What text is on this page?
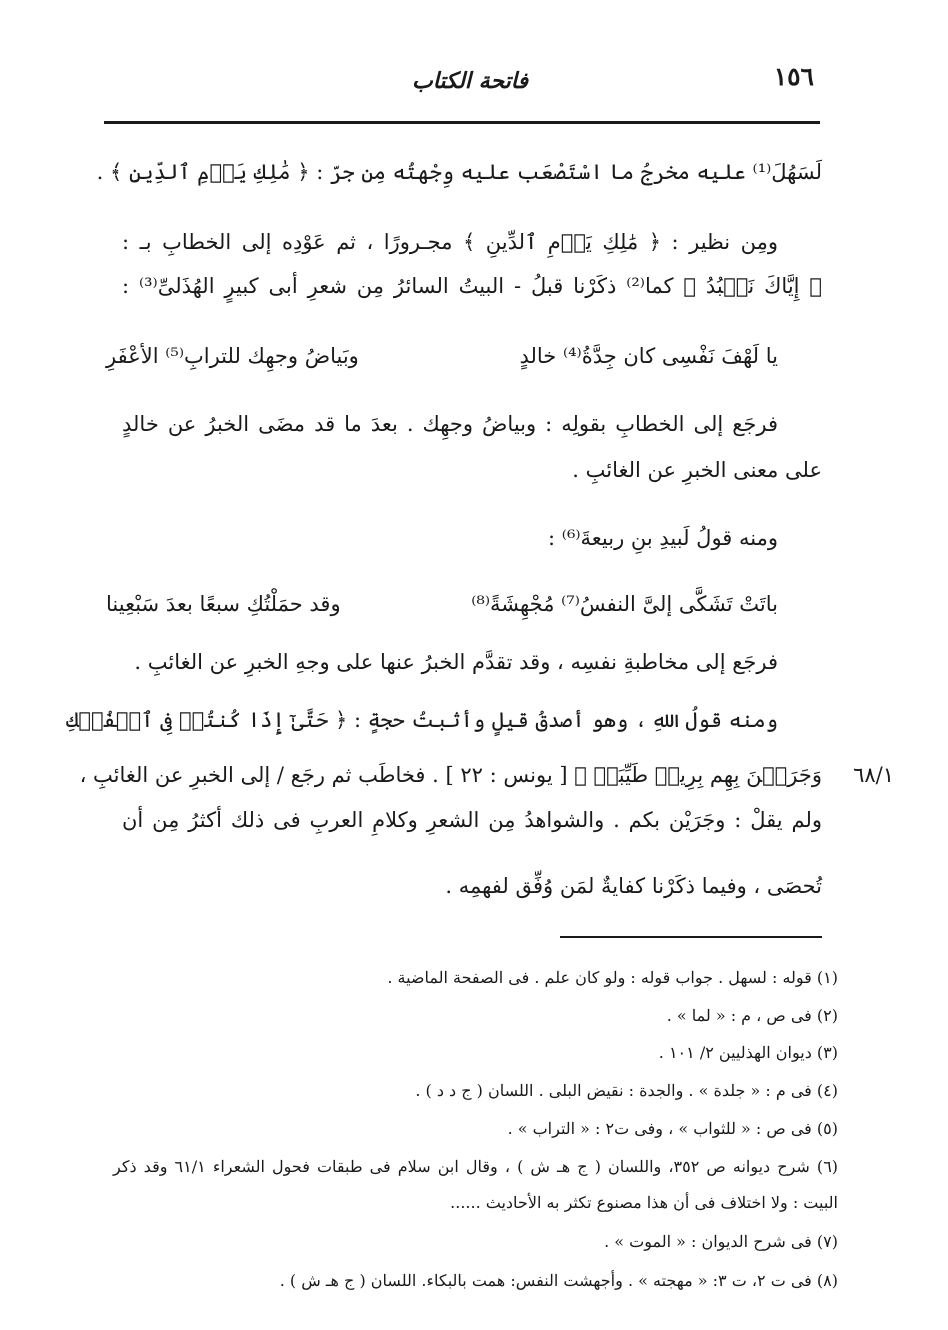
١٥٦
فاتحة الكتاب
لَسَهُلَ⁽¹⁾ عليه مخرجُ ما اسْتَصْعَب عليه وِجْهتُه مِن جرّ : ﴿ مَٰلِكِ يَوۡمِ ٱلدِّينِ ﴾ .
ومِن نظير : ﴿ مَٰلِكِ يَوۡمِ ٱلدِّينِ ﴾ مجـرورًا ، ثم عَوْدِه إلى الخطابِ بـ :
﴿ إِيَّاكَ نَعۡبُدُ ﴾ كما⁽²⁾ ذكَرْنا قبلُ - البيتُ السائرُ مِن شعرِ أبى كبيرٍ الهُذَلىِّ⁽³⁾ :
يا لَهْفَ نَفْسِى كان جِدَّةُ⁽⁴⁾ خالدٍ
وبَياضُ وجهِك للترابِ⁽⁵⁾ الأعْفَرِ
فرجَع إلى الخطابِ بقولِه : وبياضُ وجهِك . بعدَ ما قد مضَى الخبرُ عن خالدٍ
على معنى الخبرِ عن الغائبِ .
ومنه قولُ لَبيدِ بنِ ربيعةَ⁽⁶⁾ :
باتَتْ تَشَكَّى إلىَّ النفسُ⁽⁷⁾ مُجْهِشَةً⁽⁸⁾
وقد حمَلْتُكِ سبعًا بعدَ سَبْعِينا
فرجَع إلى مخاطبةِ نفسِه ، وقد تقدَّم الخبرُ عنها على وجهِ الخبرِ عن الغائبِ .
ومنه قولُ اللهِ ، وهو أصدقُ قيلٍ وأثبتُ حجةٍ : ﴿ حَتَّىٰٓ إِذَا كُنتُمۡ فِى ٱلۡفُلۡكِ
٦٨/١
وَجَرَيۡنَ بِهِم بِرِيحٖ طَيِّبَةٖ ﴾ [ يونس : ٢٢ ] . فخاطَب ثم رجَع / إلى الخبرِ عن الغائبِ ،
ولم يقلْ : وجَرَيْن بكم . والشواهدُ مِن الشعرِ وكلامِ العربِ فى ذلك أكثرُ مِن أن
تُحصَى ، وفيما ذكَرْنا كفايةٌ لمَن وُفِّق لفهمِه .
(١) قوله : لسهل . جواب قوله : ولو كان علم . فى الصفحة الماضية .
(٢) فى ص ، م : « لما » .
(٣) ديوان الهذليين ٢/ ١٠١ .
(٤) فى م : « جلدة » . والجدة : نقيض البلى . اللسان ( ج د د ) .
(٥) فى ص : « للثواب » ، وفى ت٢ : « التراب » .
(٦) شرح ديوانه ص ٣٥٢، واللسان ( ج هـ ش ) ، وقال ابن سلام فى طبقات فحول الشعراء ٦١/١ وقد ذكر
البيت : ولا اختلاف فى أن هذا مصنوع تكثر به الأحاديث ......
(٧) فى شرح الديوان : « الموت » .
(٨) فى ت ٢، ت ٣: « مهجته » . وأجهشت النفس: همت بالبكاء. اللسان ( ج هـ ش ) .
